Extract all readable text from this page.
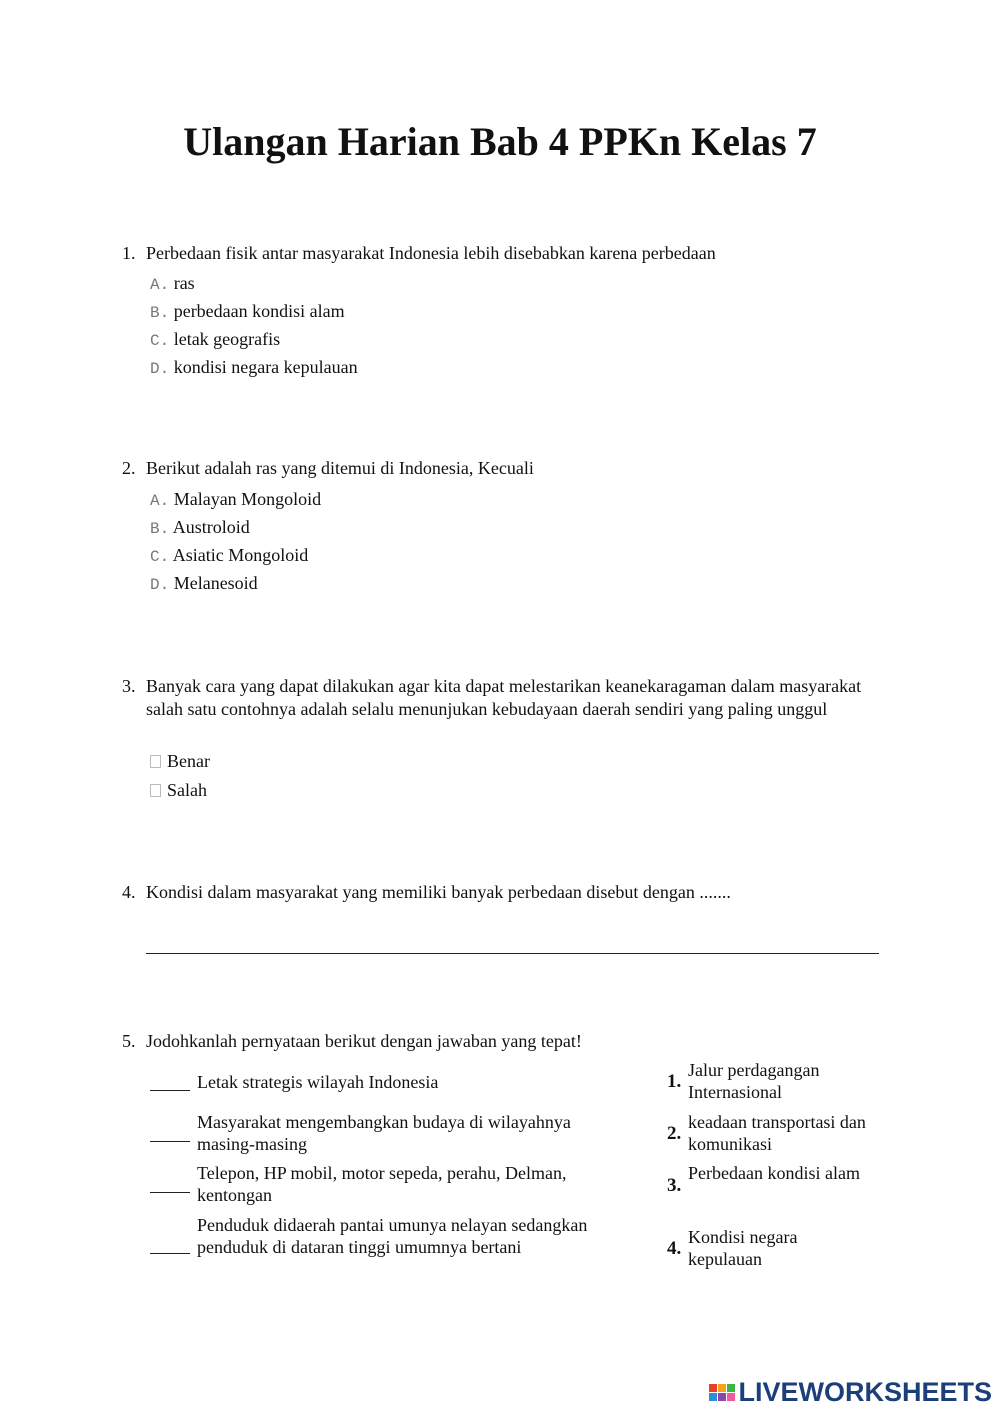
Ulangan Harian Bab 4 PPKn Kelas 7
1. Perbedaan fisik antar masyarakat Indonesia lebih disebabkan karena perbedaan
A. ras
B. perbedaan kondisi alam
C. letak geografis
D. kondisi negara kepulauan
2. Berikut adalah ras yang ditemui di Indonesia, Kecuali
A. Malayan Mongoloid
B. Austroloid
C. Asiatic Mongoloid
D. Melanesoid
3. Banyak cara yang dapat dilakukan agar kita dapat melestarikan keanekaragaman dalam masyarakat salah satu contohnya adalah selalu menunjukan kebudayaan daerah sendiri yang paling unggul
Benar
Salah
4. Kondisi dalam masyarakat yang memiliki banyak perbedaan disebut dengan .......
5. Jodohkanlah pernyataan berikut dengan jawaban yang tepat!
Letak strategis wilayah Indonesia
Masyarakat mengembangkan budaya di wilayahnya masing-masing
Telepon, HP mobil, motor sepeda, perahu, Delman, kentongan
Penduduk didaerah pantai umunya nelayan sedangkan penduduk di dataran tinggi umumnya bertani
1.
Jalur perdagangan Internasional
2.
keadaan transportasi dan komunikasi
3.
Perbedaan kondisi alam
4.
Kondisi negara kepulauan
LIVEWORKSHEETS
